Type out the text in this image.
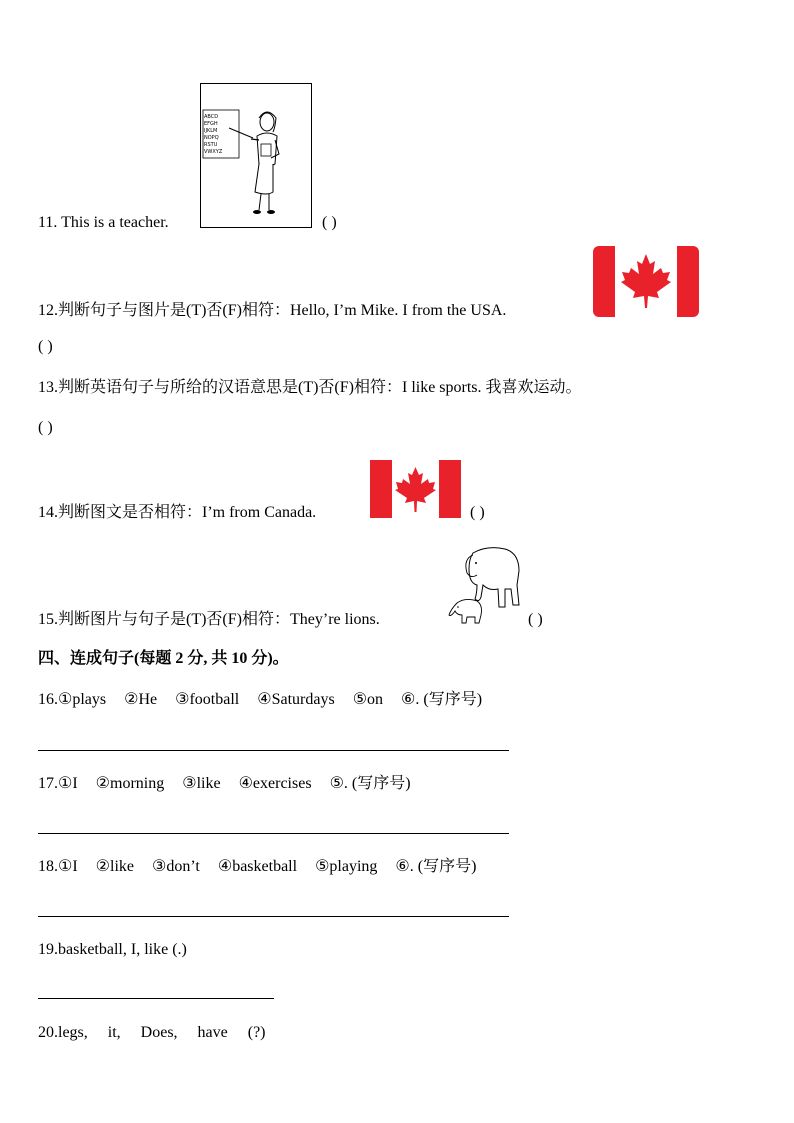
11. This is a teacher.
ABCD
EFGH
IJKLM
NOPQ
RSTU
VWXYZ
( )
12.判断句子与图片是(T)否(F)相符：Hello, I’m Mike. I from the USA.
( )
13.判断英语句子与所给的汉语意思是(T)否(F)相符：I like sports. 我喜欢运动。
( )
14.判断图文是否相符：I’m from Canada.	( )
15.判断图片与句子是(T)否(F)相符：They’re lions.	( )
四、连成句子(每题 2 分, 共 10 分)。
16.①plays ②He ③football ④Saturdays ⑤on ⑥. (写序号)
17.①I ②morning ③like ④exercises ⑤. (写序号)
18.①I ②like ③don’t ④basketball ⑤playing ⑥. (写序号)
19.basketball, I, like (.)
20.legs,     it,     Does,     have     (?)
